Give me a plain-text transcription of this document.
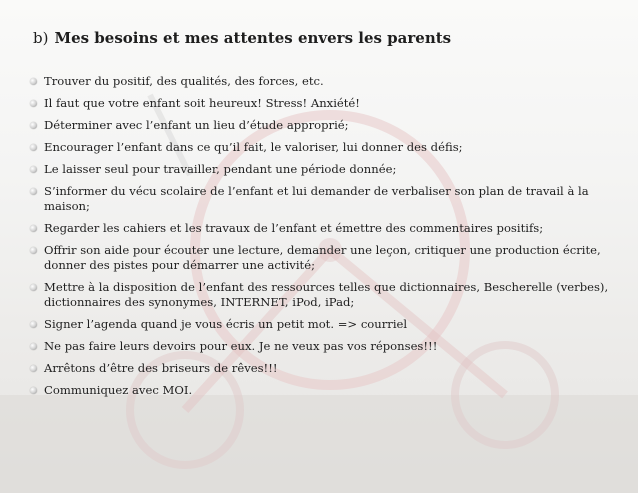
b) Mes besoins et mes attentes envers les parents
Trouver du positif, des qualités, des forces, etc.
Il faut que votre enfant soit heureux! Stress! Anxiété!
Déterminer avec l’enfant un lieu d’étude approprié;
Encourager l’enfant dans ce qu’il fait, le valoriser, lui donner des défis;
Le laisser seul pour travailler, pendant une période donnée;
S’informer du vécu scolaire de l’enfant et lui demander de verbaliser son plan de travail à la maison;
Regarder les cahiers et les travaux de l’enfant et émettre des commentaires positifs;
Offrir son aide pour écouter une lecture, demander une leçon, critiquer une production écrite, donner des pistes pour démarrer une activité;
Mettre à la disposition de l’enfant des ressources telles que dictionnaires, Bescherelle (verbes), dictionnaires des synonymes, INTERNET, iPod, iPad;
Signer l’agenda quand je vous écris un petit mot. => courriel
Ne pas faire leurs devoirs pour eux. Je ne veux pas vos réponses!!!
Arrêtons d’être des briseurs de rêves!!!
Communiquez avec MOI.
